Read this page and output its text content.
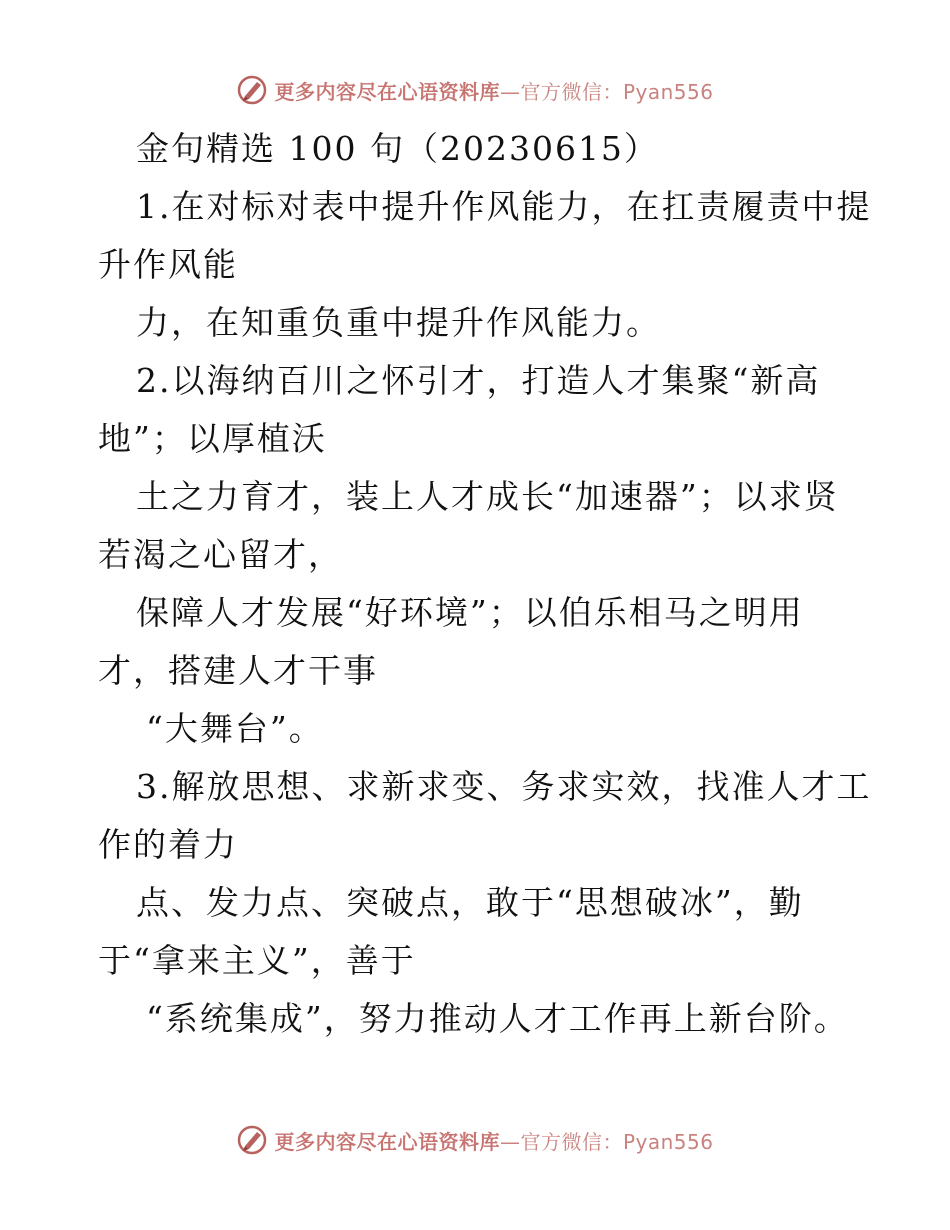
更多内容尽在心语资料库—官方微信：Pyan556
金句精选 100 句（20230615）
1.在对标对表中提升作风能力，在扛责履责中提
升作风能
力，在知重负重中提升作风能力。
2.以海纳百川之怀引才，打造人才集聚“新高
地”；以厚植沃
土之力育才，装上人才成长“加速器”；以求贤
若渴之心留才，
保障人才发展“好环境”；以伯乐相马之明用
才，搭建人才干事
“大舞台”。
3.解放思想、求新求变、务求实效，找准人才工
作的着力
点、发力点、突破点，敢于“思想破冰”，勤
于“拿来主义”，善于
“系统集成”，努力推动人才工作再上新台阶。
更多内容尽在心语资料库—官方微信：Pyan556
